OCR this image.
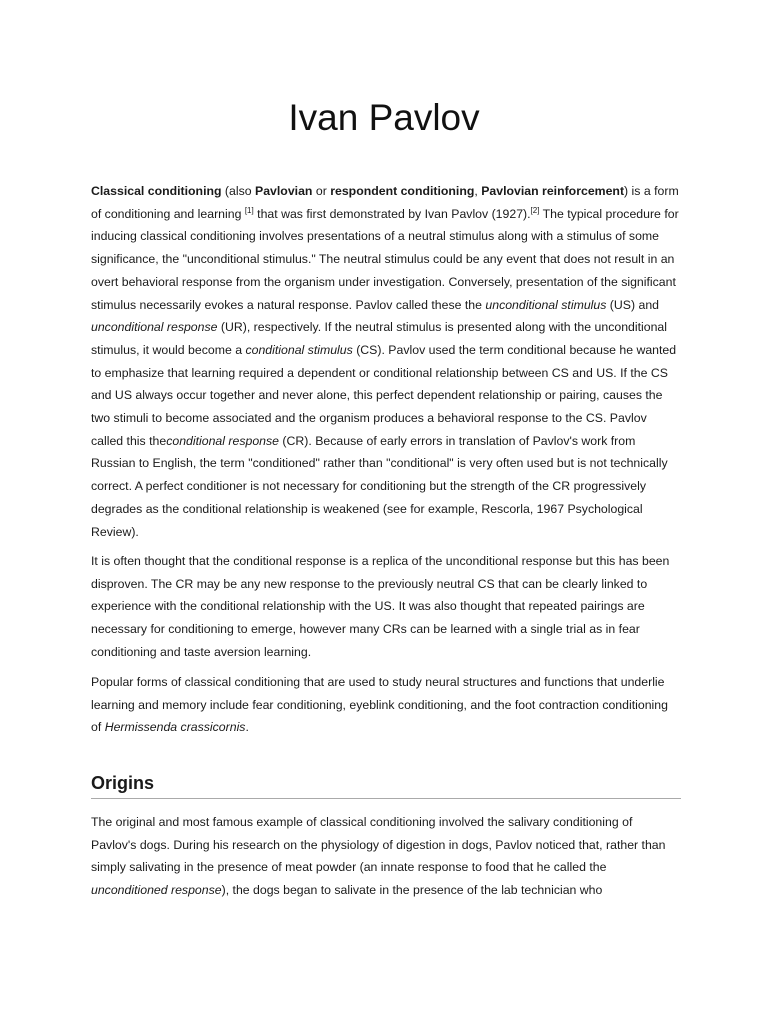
Ivan Pavlov

Classical conditioning (also Pavlovian or respondent conditioning, Pavlovian reinforcement) is a form of conditioning and learning [1] that was first demonstrated by Ivan Pavlov (1927).[2] The typical procedure for inducing classical conditioning involves presentations of a neutral stimulus along with a stimulus of some significance, the "unconditional stimulus." The neutral stimulus could be any event that does not result in an overt behavioral response from the organism under investigation. Conversely, presentation of the significant stimulus necessarily evokes a natural response. Pavlov called these the unconditional stimulus (US) and unconditional response (UR), respectively. If the neutral stimulus is presented along with the unconditional stimulus, it would become a conditional stimulus (CS). Pavlov used the term conditional because he wanted to emphasize that learning required a dependent or conditional relationship between CS and US. If the CS and US always occur together and never alone, this perfect dependent relationship or pairing, causes the two stimuli to become associated and the organism produces a behavioral response to the CS. Pavlov called this theconditional response (CR). Because of early errors in translation of Pavlov's work from Russian to English, the term "conditioned" rather than "conditional" is very often used but is not technically correct. A perfect conditioner is not necessary for conditioning but the strength of the CR progressively degrades as the conditional relationship is weakened (see for example, Rescorla, 1967 Psychological Review).

It is often thought that the conditional response is a replica of the unconditional response but this has been disproven. The CR may be any new response to the previously neutral CS that can be clearly linked to experience with the conditional relationship with the US. It was also thought that repeated pairings are necessary for conditioning to emerge, however many CRs can be learned with a single trial as in fear conditioning and taste aversion learning.

Popular forms of classical conditioning that are used to study neural structures and functions that underlie learning and memory include fear conditioning, eyeblink conditioning, and the foot contraction conditioning of Hermissenda crassicornis.

Origins

The original and most famous example of classical conditioning involved the salivary conditioning of Pavlov's dogs. During his research on the physiology of digestion in dogs, Pavlov noticed that, rather than simply salivating in the presence of meat powder (an innate response to food that he called the unconditioned response), the dogs began to salivate in the presence of the lab technician who
